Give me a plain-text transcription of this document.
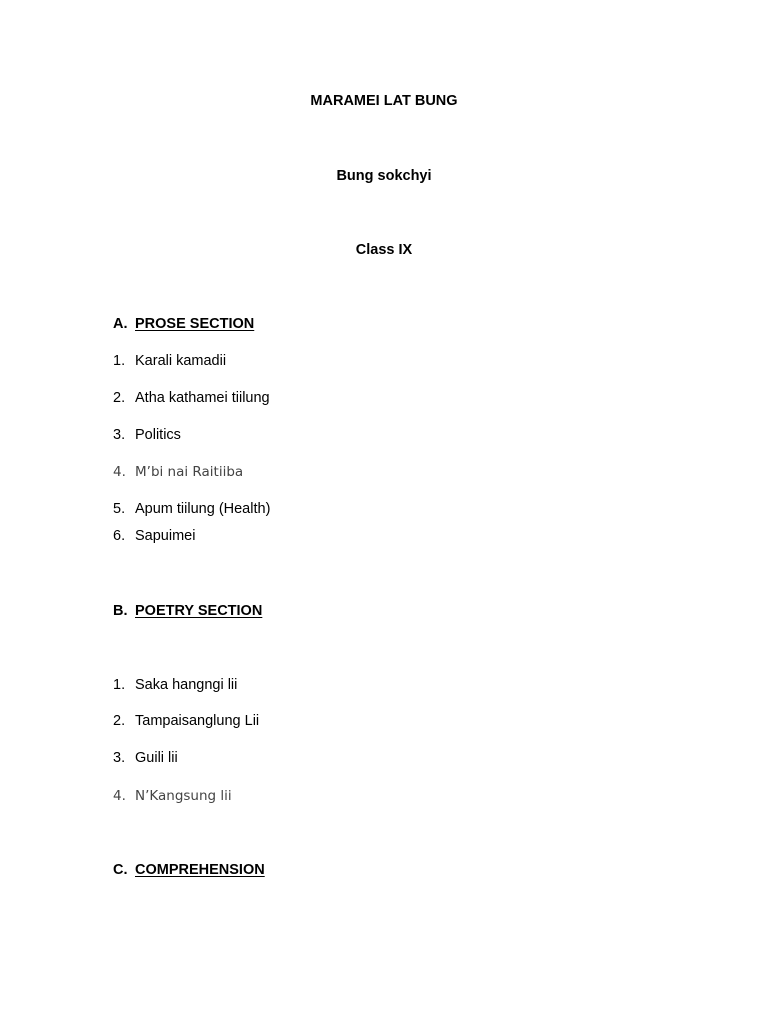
MARAMEI LAT BUNG
Bung sokchyi
Class IX
A. PROSE SECTION
1. Karali kamadii
2. Atha kathamei tiilung
3. Politics
4. M’bi nai Raitiiba
5. Apum tiilung (Health)
6. Sapuimei
B. POETRY SECTION
1. Saka hangngi lii
2. Tampaisanglung Lii
3. Guili lii
4. N’Kangsung lii
C. COMPREHENSION
